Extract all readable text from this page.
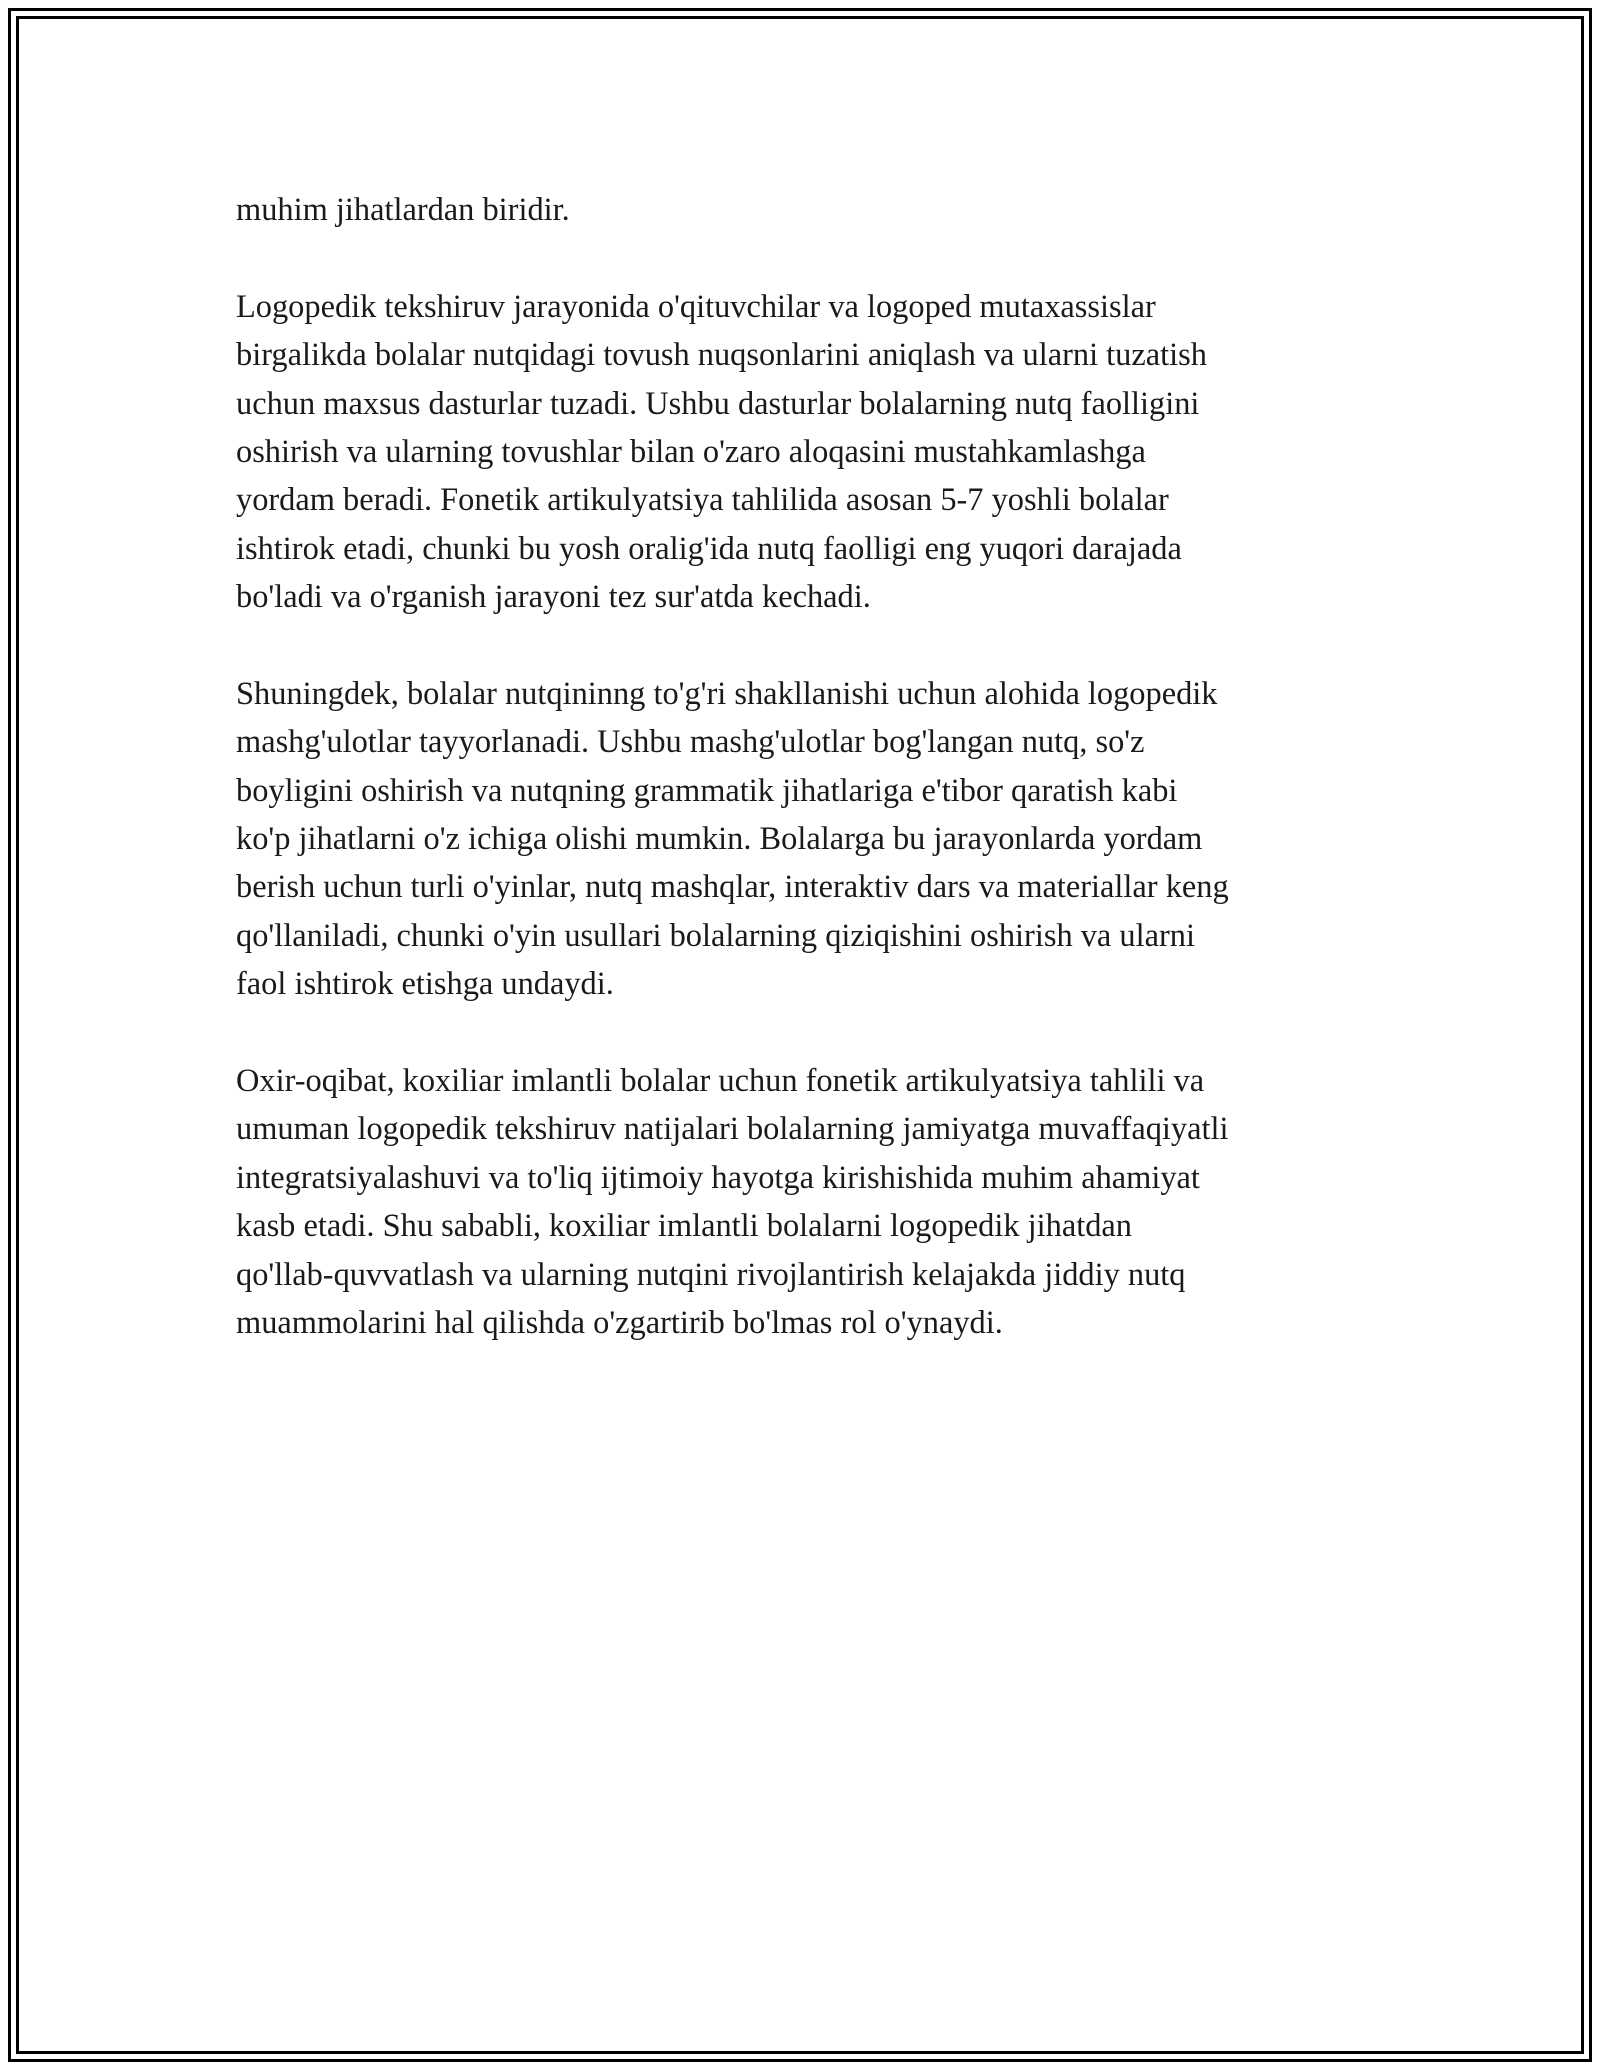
muhim jihatlardan biridir.
Logopedik tekshiruv jarayonida o'qituvchilar va logoped mutaxassislar
birgalikda bolalar nutqidagi tovush nuqsonlarini aniqlash va ularni tuzatish
uchun maxsus dasturlar tuzadi. Ushbu dasturlar bolalarning nutq faolligini
oshirish va ularning tovushlar bilan o'zaro aloqasini mustahkamlashga
yordam beradi. Fonetik artikulyatsiya tahlilida asosan 5-7 yoshli bolalar
ishtirok etadi, chunki bu yosh oralig'ida nutq faolligi eng yuqori darajada
bo'ladi va o'rganish jarayoni tez sur'atda kechadi.
Shuningdek, bolalar nutqininng to'g'ri shakllanishi uchun alohida logopedik
mashg'ulotlar tayyorlanadi. Ushbu mashg'ulotlar bog'langan nutq, so'z
boyligini oshirish va nutqning grammatik jihatlariga e'tibor qaratish kabi
ko'p jihatlarni o'z ichiga olishi mumkin. Bolalarga bu jarayonlarda yordam
berish uchun turli o'yinlar, nutq mashqlar, interaktiv dars va materiallar keng
qo'llaniladi, chunki o'yin usullari bolalarning qiziqishini oshirish va ularni
faol ishtirok etishga undaydi.
Oxir-oqibat, koxiliar imlantli bolalar uchun fonetik artikulyatsiya tahlili va
umuman logopedik tekshiruv natijalari bolalarning jamiyatga muvaffaqiyatli
integratsiyalashuvi va to'liq ijtimoiy hayotga kirishishida muhim ahamiyat
kasb etadi. Shu sababli, koxiliar imlantli bolalarni logopedik jihatdan
qo'llab-quvvatlash va ularning nutqini rivojlantirish kelajakda jiddiy nutq
muammolarini hal qilishda o'zgartirib bo'lmas rol o'ynaydi.
